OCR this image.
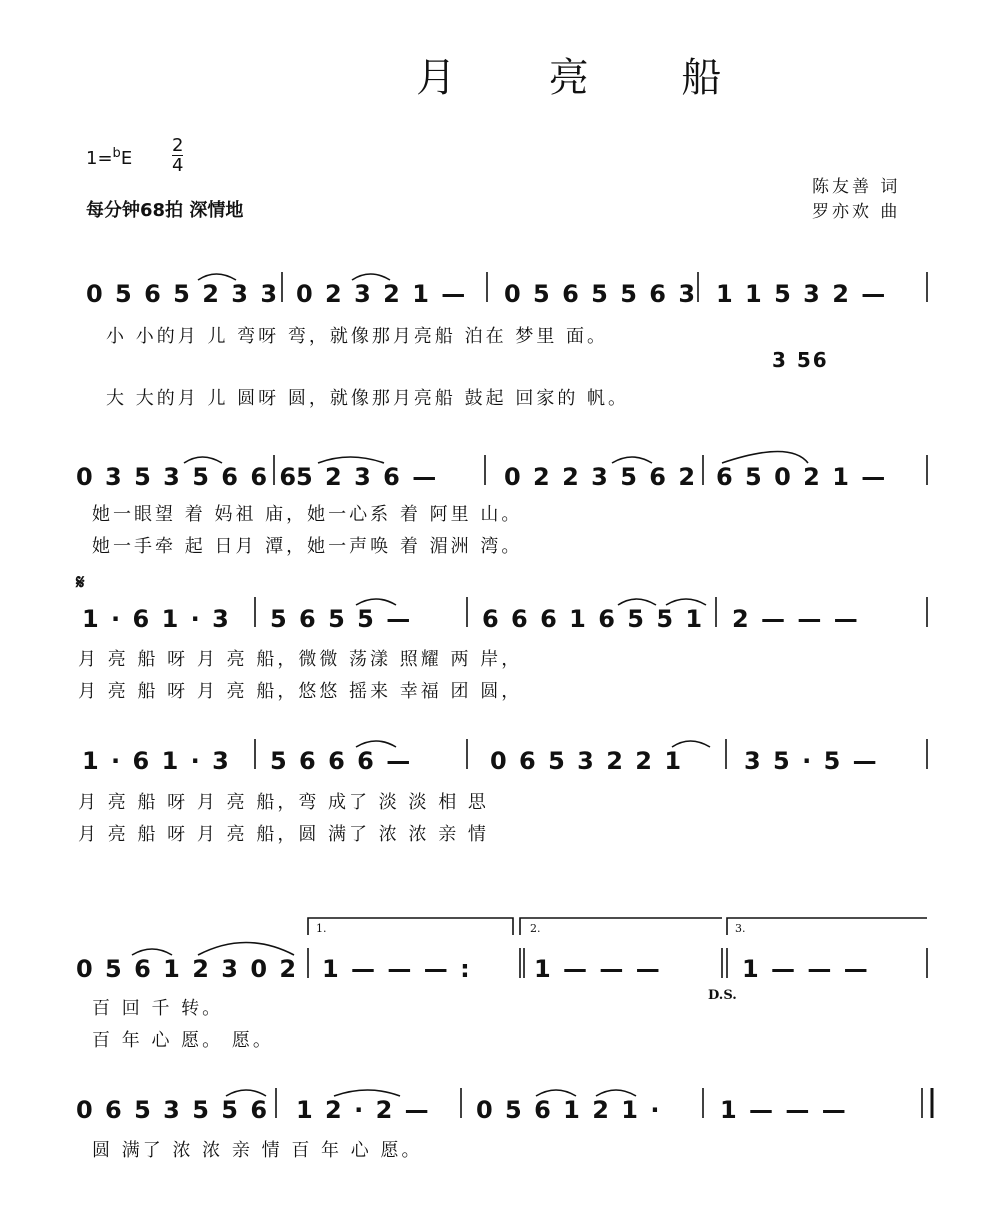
月 亮 船
$1=^bE \frac{2}{4}$
每分钟68拍 深情地
陈友善 词
罗亦欢 曲
0 5 6 5 2 3 3 0 2 3 2 1 — 0 5 6 5 5 6 3 1 1 5 3 2 —
小 小的月 儿 弯呀 弯，就像那月亮船 泊在 梦里 面。
3 56
大 大的月 儿 圆呀 圆，就像那月亮船 鼓起 回家的 帆。
0 3 5 3 5 6 6 6
5 2 3 6 —	0 2 2 3 5 6 2 6 5 0 2 1 —
她一眼望 着 妈祖 庙，她一心系 着 阿里 山。
她一手牵 起 日月 潭，她一声唤 着 湄洲 湾。
𝄋
1 · 6 1 · 3 5 6 5 5 —	6 6 6 1 6 5 5 1 2 — — —
月 亮 船 呀 月 亮 船，微微 荡漾 照耀 两 岸，
月 亮 船 呀 月 亮 船，悠悠 摇来 幸福 团 圆，
1 · 6 1 · 3 5 6 6 6 —	0 6 5 3 2 2 1	3 5 · 5 —
月 亮 船 呀 月 亮 船，弯 成了 淡 淡 相 思
月 亮 船 呀 月 亮 船，圆 满了 浓 浓 亲 情
1.	2.	3.
0 5 6 1 2 3 0 2 1 — — — :	1 — — —	1 — — —
百 回 千 转。
D.S.
百 年 心 愿。 愿。
0 6 5 3 5 5 6 1 2 · 2 — 0 5 6 1 2 1 · 1 — — —
圆 满了 浓 浓 亲 情 百 年 心 愿。
